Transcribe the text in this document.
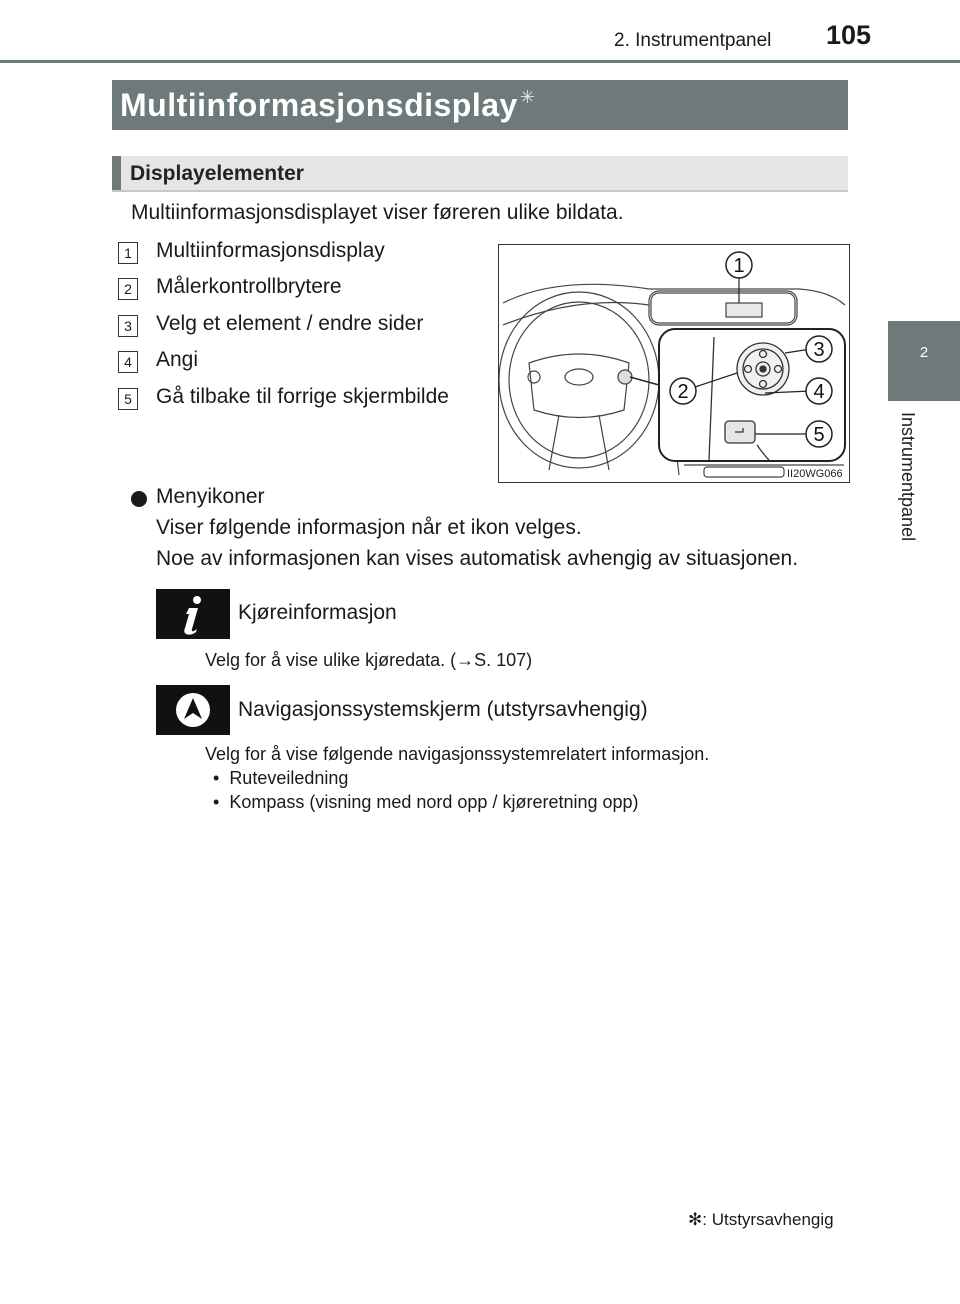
2. Instrumentpanel 105
2
Instrumentpanel
Multiinformasjonsdisplay ✳
Displayelementer
Multiinformasjonsdisplayet viser føreren ulike bildata.
1 Multiinformasjonsdisplay
2 Målerkontrollbrytere
3 Velg et element / endre sider
4 Angi
5 Gå tilbake til forrige skjermbilde
1
2
3
4
5
II20WG066
Menyikoner
Viser følgende informasjon når et ikon velges.
Noe av informasjonen kan vises automatisk avhengig av situasjonen.
Kjøreinformasjon
Velg for å vise ulike kjøredata. (→S. 107)
Navigasjonssystemskjerm (utstyrsavhengig)
Velg for å vise følgende navigasjonssystemrelatert informasjon.
•  Ruteveiledning
•  Kompass (visning med nord opp / kjøreretning opp)
✻: Utstyrsavhengig
